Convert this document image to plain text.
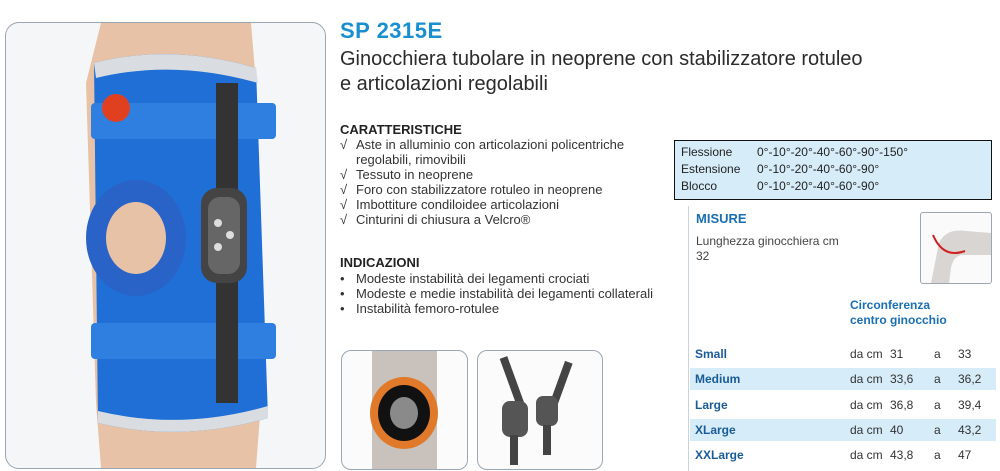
SP 2315E
Ginocchiera tubolare in neoprene con stabilizzatore rotuleo
e articolazioni regolabili
CARATTERISTICHE
√ Aste in alluminio con articolazioni policentriche regolabili, rimovibili
√ Tessuto in neoprene
√ Foro con stabilizzatore rotuleo in neoprene
√ Imbottiture condiloidee articolazioni
√ Cinturini di chiusura a Velcro®
INDICAZIONI
• Modeste instabilità dei legamenti crociati
• Modeste e medie instabilità dei legamenti collaterali
• Instabilità femoro-rotulee
Flessione 0°-10°-20°-40°-60°-90°-150°
Estensione 0°-10°-20°-40°-60°-90°
Blocco	0°-10°-20°-40°-60°-90°
MISURE
Lunghezza ginocchiera cm 32
Circonferenza
centro ginocchio
Small	da cm 31	a 33
Medium	da cm 33,6 a 36,2
Large	da cm 36,8 a 39,4
XLarge	da cm 40	a 43,2
XXLarge	da cm 43,8 a 47
